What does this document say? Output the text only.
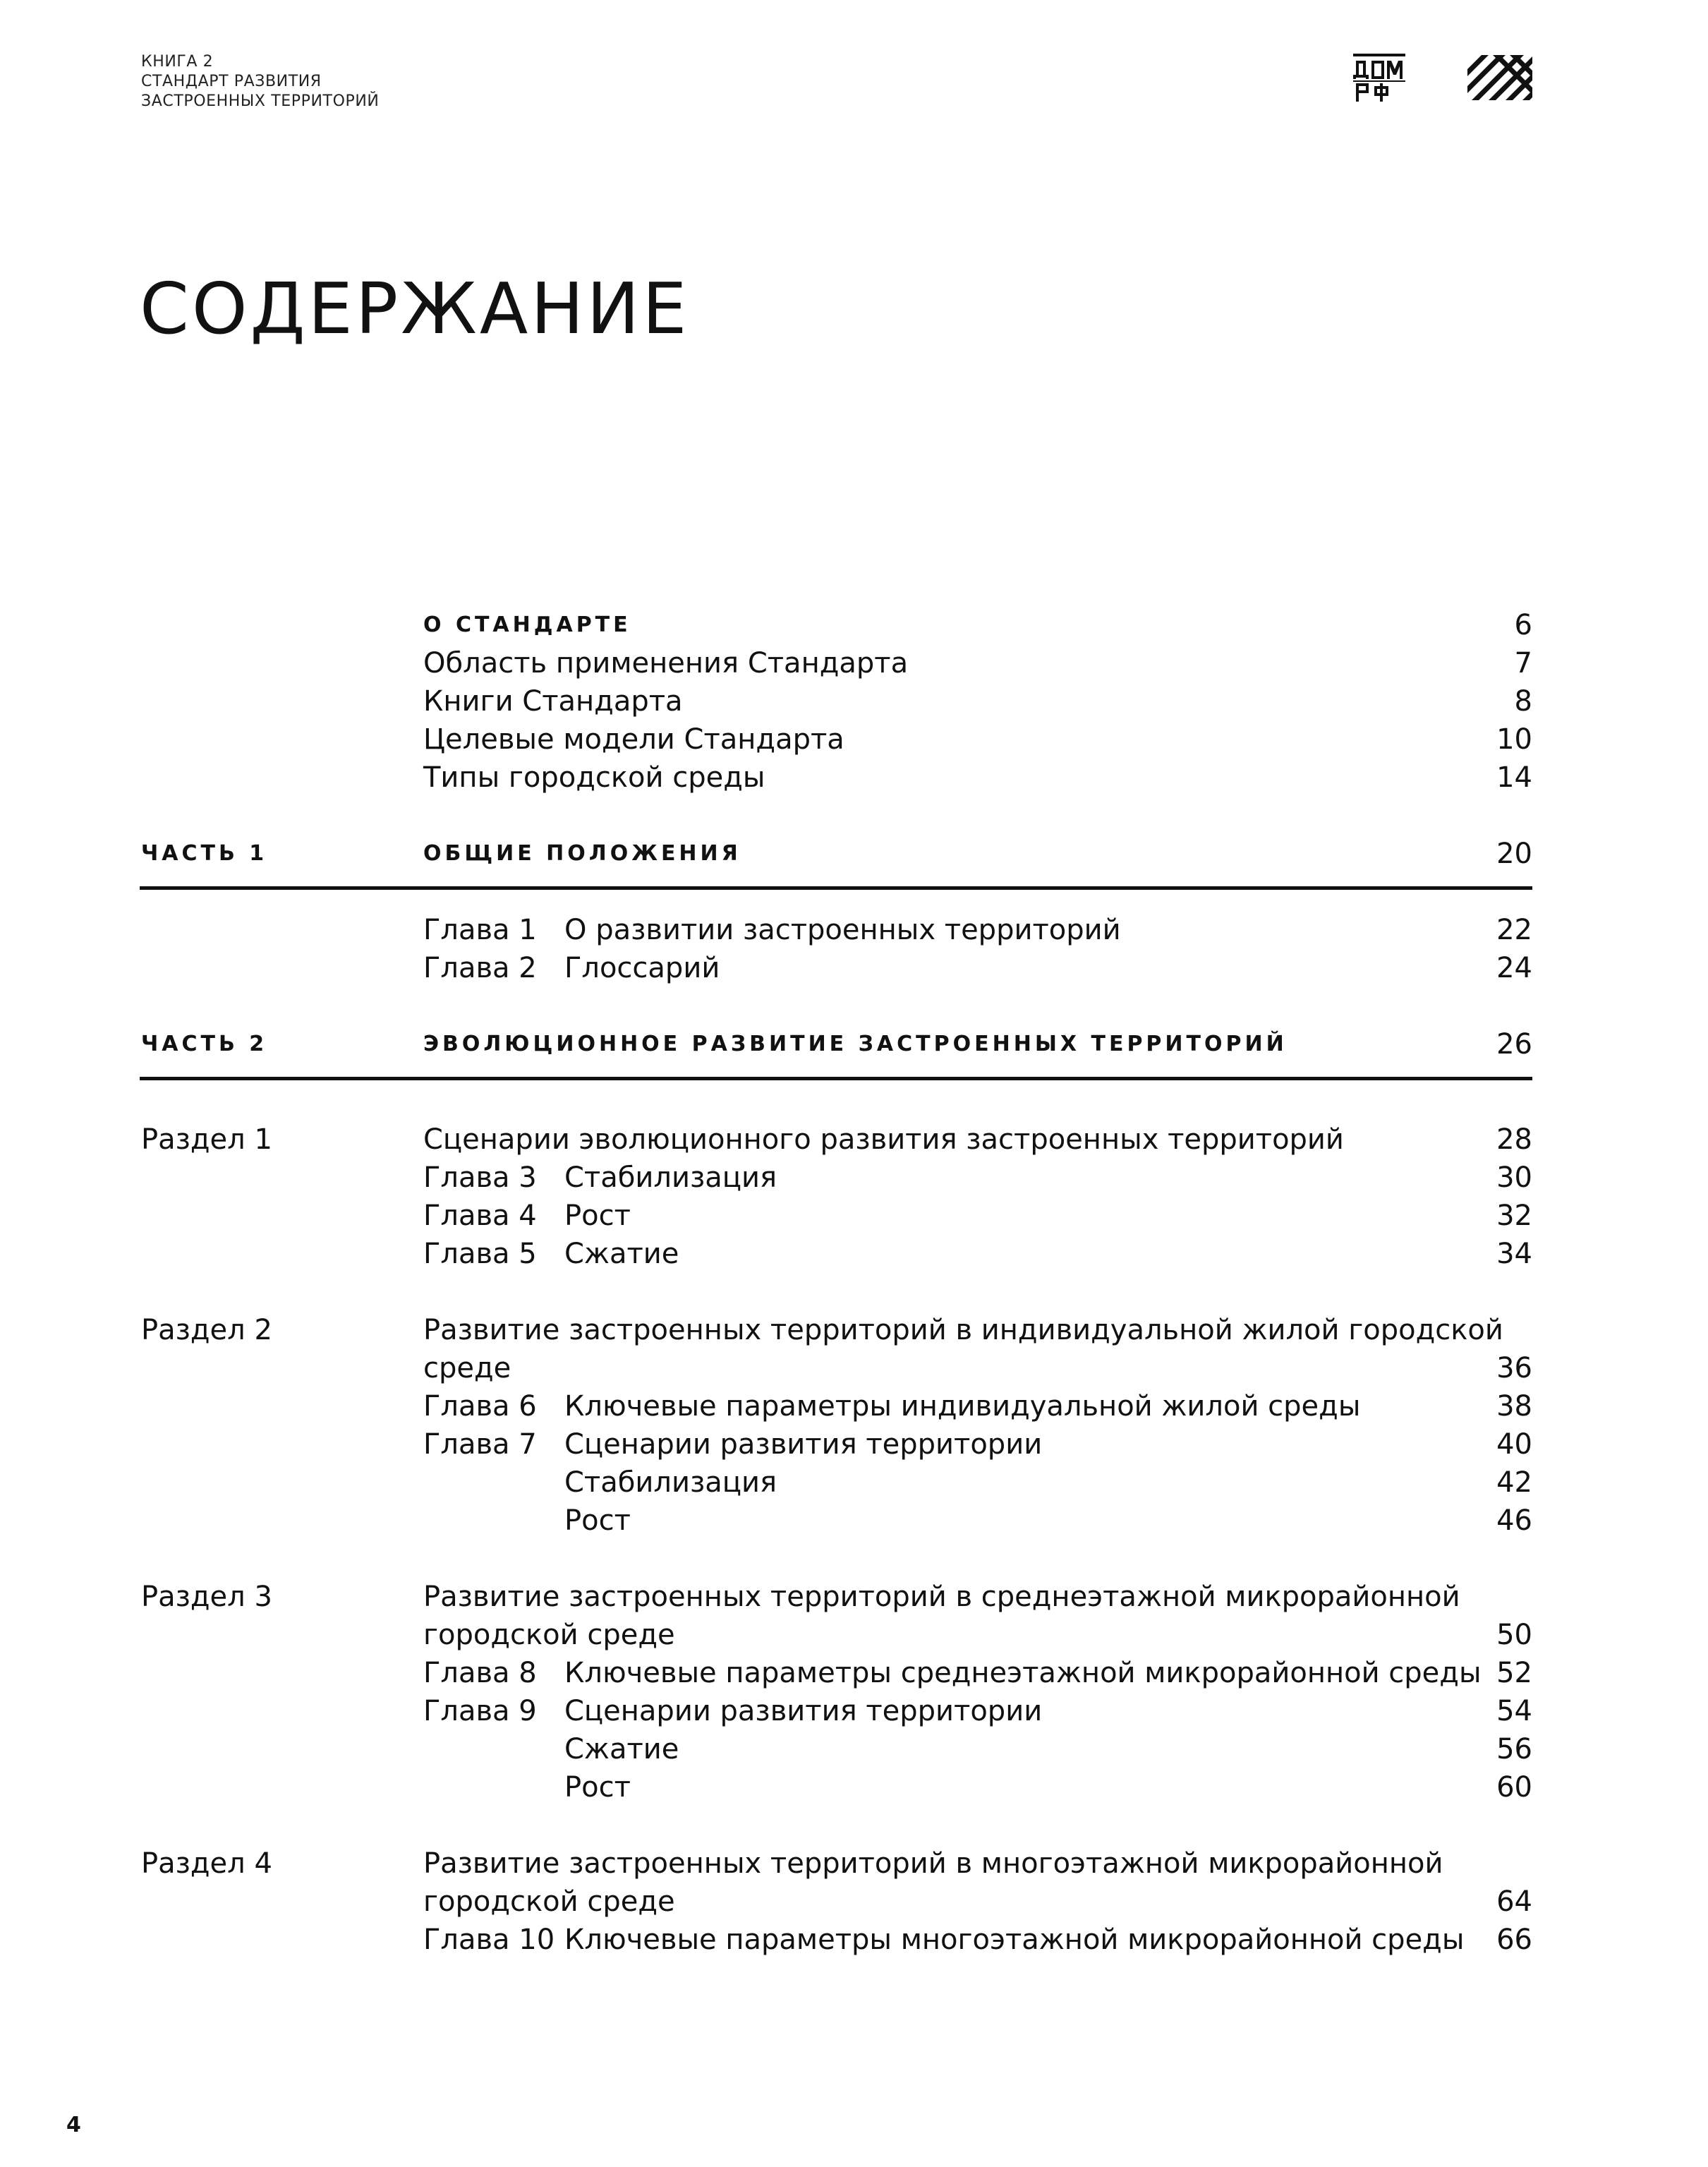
КНИГА 2
СТАНДАРТ РАЗВИТИЯ
ЗАСТРОЕННЫХ ТЕРРИТОРИЙ
СОДЕРЖАНИЕ
О СТАНДАРТЕ	6
Область применения Стандарта	7
Книги Стандарта	8
Целевые модели Стандарта	10
Типы городской среды	14
ЧАСТЬ 1	ОБЩИЕ ПОЛОЖЕНИЯ	20
Глава 1 О развитии застроенных территорий	22
Глава 2 Глоссарий	24
ЧАСТЬ 2	ЭВОЛЮЦИОННОЕ РАЗВИТИЕ ЗАСТРОЕННЫХ ТЕРРИТОРИЙ	26
Раздел 1	Сценарии эволюционного развития застроенных территорий	28
Глава 3 Стабилизация	30
Глава 4 Рост	32
Глава 5 Сжатие	34
Раздел 2	Развитие застроенных территорий в индивидуальной жилой городской
среде	36
Глава 6 Ключевые параметры индивидуальной жилой среды	38
Глава 7 Сценарии развития территории	40
Стабилизация	42
Рост	46
Раздел 3	Развитие застроенных территорий в среднеэтажной микрорайонной
городской среде	50
Глава 8 Ключевые параметры среднеэтажной микрорайонной среды 52
Глава 9 Сценарии развития территории	54
Сжатие	56
Рост	60
Раздел 4	Развитие застроенных территорий в многоэтажной микрорайонной
городской среде	64
Глава 10 Ключевые параметры многоэтажной микрорайонной среды 66
4
